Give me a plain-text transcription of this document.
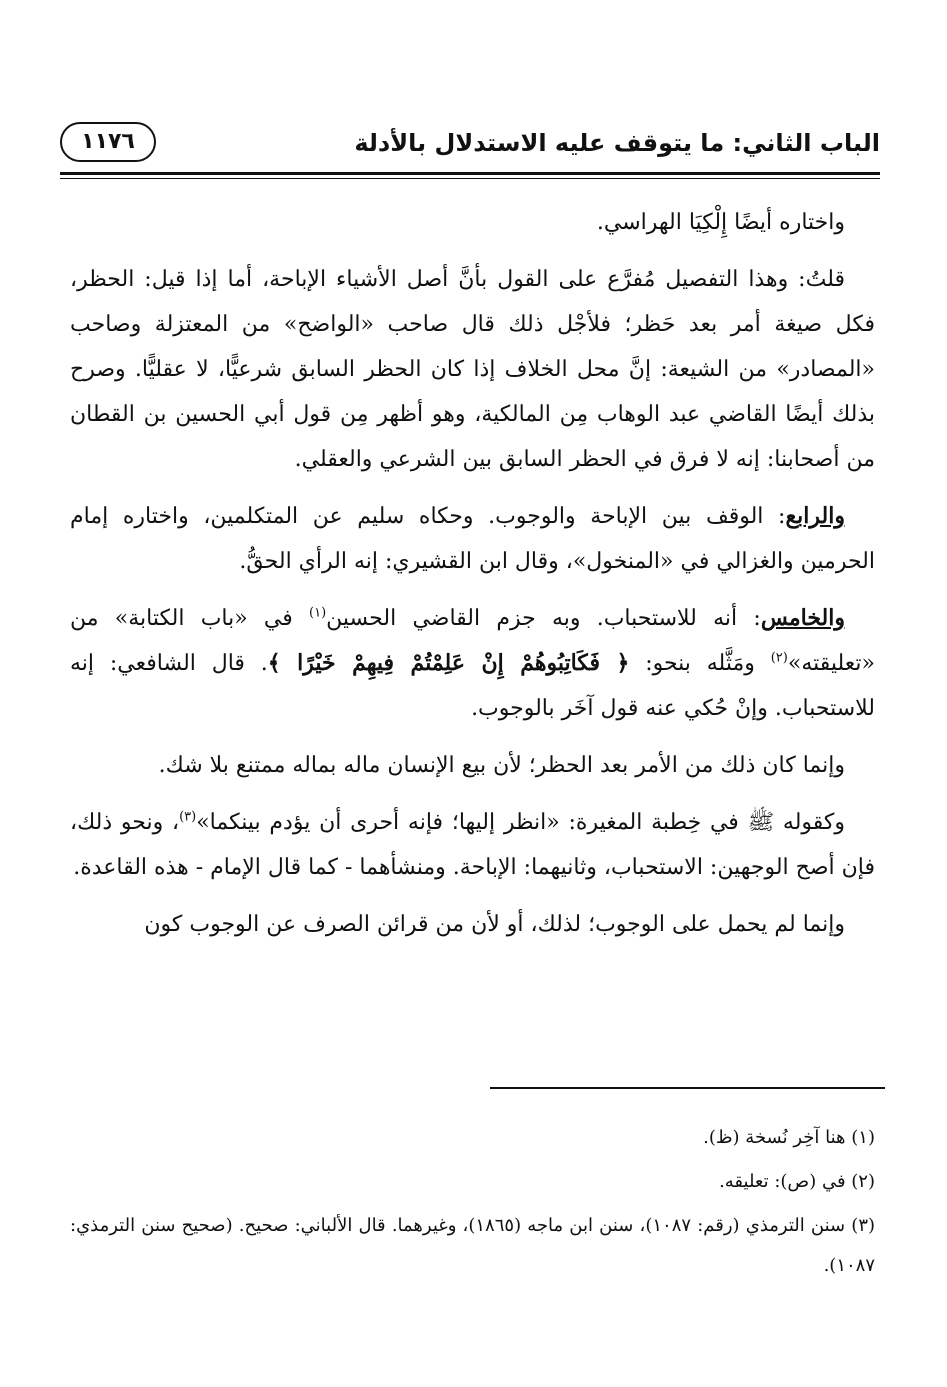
الباب الثاني: ما يتوقف عليه الاستدلال بالأدلة
١١٧٦

واختاره أيضًا إِلْكِيَا الهراسي.

قلتُ: وهذا التفصيل مُفرَّع على القول بأنَّ أصل الأشياء الإباحة، أما إذا قيل: الحظر، فكل صيغة أمر بعد حَظر؛ فلأجْل ذلك قال صاحب «الواضح» من المعتزلة وصاحب «المصادر» من الشيعة: إنَّ محل الخلاف إذا كان الحظر السابق شرعيًّا، لا عقليًّا. وصرح بذلك أيضًا القاضي عبد الوهاب مِن المالكية، وهو أظهر مِن قول أبي الحسين بن القطان من أصحابنا: إنه لا فرق في الحظر السابق بين الشرعي والعقلي.

والرابع: الوقف بين الإباحة والوجوب. وحكاه سليم عن المتكلمين، واختاره إمام الحرمين والغزالي في «المنخول»، وقال ابن القشيري: إنه الرأي الحقُّ.

والخامس: أنه للاستحباب. وبه جزم القاضي الحسين$^{(١)}$ في «باب الكتابة» من «تعليقته»$^{(٢)}$ ومَثَّله بنحو: ﴿ فَكَاتِبُوهُمْ إِنْ عَلِمْتُمْ فِيهِمْ خَيْرًا ﴾. قال الشافعي: إنه للاستحباب. وإنْ حُكي عنه قول آخَر بالوجوب.

وإنما كان ذلك من الأمر بعد الحظر؛ لأن بيع الإنسان ماله بماله ممتنع بلا شك.

وكقوله ﷺ في خِطبة المغيرة: «انظر إليها؛ فإنه أحرى أن يؤدم بينكما»$^{(٣)}$، ونحو ذلك، فإن أصح الوجهين: الاستحباب، وثانيهما: الإباحة. ومنشأهما - كما قال الإمام - هذه القاعدة.

وإنما لم يحمل على الوجوب؛ لذلك، أو لأن من قرائن الصرف عن الوجوب كون

(١) هنا آخِر نُسخة (ظ).

(٢) في (ص): تعليقه.

(٣) سنن الترمذي (رقم: ١٠٨٧)، سنن ابن ماجه (١٨٦٥)، وغيرهما. قال الألباني: صحيح. (صحيح سنن الترمذي: ١٠٨٧).
